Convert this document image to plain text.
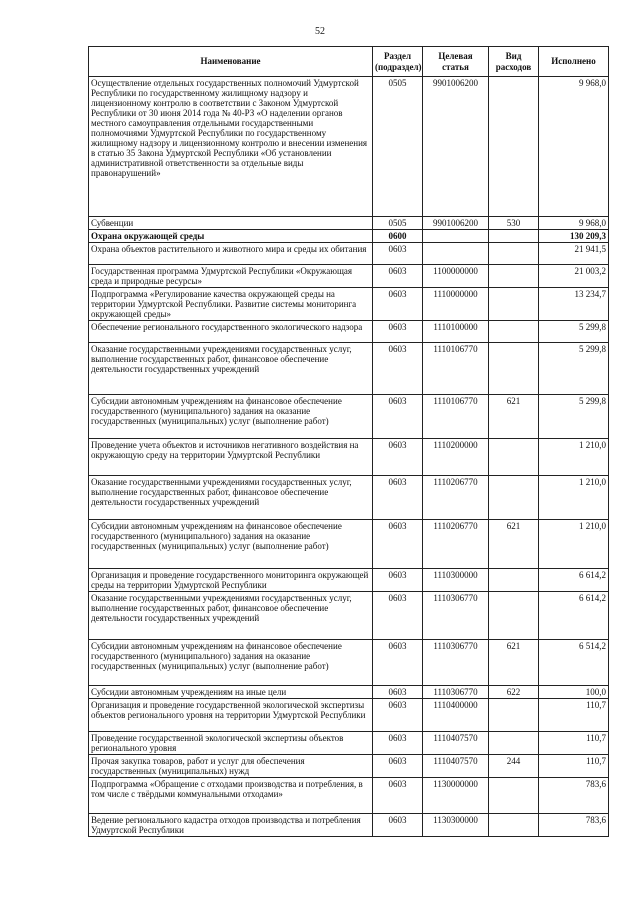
52
Наименование	Раздел (подраздел)	Целевая статья	Вид расходов	Исполнено
Осуществление отдельных государственных полномочий Удмуртской Республики по государственному жилищному надзору и лицензионному контролю в соответствии с Законом Удмуртской Республики от 30 июня 2014 года № 40-РЗ «О наделении органов местного самоуправления отдельными государственными полномочиями Удмуртской Республики по государственному жилищному надзору и лицензионному контролю и внесении изменения в статью 35 Закона Удмуртской Республики «Об установлении административной ответственности за отдельные виды правонарушений»	0505	9901006200		9 968,0
Субвенции	0505	9901006200	530	9 968,0
Охрана окружающей среды	0600			130 209,3
Охрана объектов растительного и животного мира и среды их обитания	0603			21 941,5
Государственная программа Удмуртской Республики «Окружающая среда и природные ресурсы»	0603	1100000000		21 003,2
Подпрограмма «Регулирование качества окружающей среды на территории Удмуртской Республики. Развитие системы мониторинга окружающей среды»	0603	1110000000		13 234,7
Обеспечение регионального государственного экологического надзора	0603	1110100000		5 299,8
Оказание государственными учреждениями государственных услуг, выполнение государственных работ, финансовое обеспечение деятельности государственных учреждений	0603	1110106770		5 299,8
Субсидии автономным учреждениям на финансовое обеспечение государственного (муниципального) задания на оказание государственных (муниципальных) услуг (выполнение работ)	0603	1110106770	621	5 299,8
Проведение учета объектов и источников негативного воздействия на окружающую среду на территории Удмуртской Республики	0603	1110200000		1 210,0
Оказание государственными учреждениями государственных услуг, выполнение государственных работ, финансовое обеспечение деятельности государственных учреждений	0603	1110206770		1 210,0
Субсидии автономным учреждениям на финансовое обеспечение государственного (муниципального) задания на оказание государственных (муниципальных) услуг (выполнение работ)	0603	1110206770	621	1 210,0
Организация и проведение государственного мониторинга окружающей среды на территории Удмуртской Республики	0603	1110300000		6 614,2
Оказание государственными учреждениями государственных услуг, выполнение государственных работ, финансовое обеспечение деятельности государственных учреждений	0603	1110306770		6 614,2
Субсидии автономным учреждениям на финансовое обеспечение государственного (муниципального) задания на оказание государственных (муниципальных) услуг (выполнение работ)	0603	1110306770	621	6 514,2
Субсидии автономным учреждениям на иные цели	0603	1110306770	622	100,0
Организация и проведение государственной экологической экспертизы объектов регионального уровня на территории Удмуртской Республики	0603	1110400000		110,7
Проведение государственной экологической экспертизы объектов регионального уровня	0603	1110407570		110,7
Прочая закупка товаров, работ и услуг для обеспечения государственных (муниципальных) нужд	0603	1110407570	244	110,7
Подпрограмма «Обращение с отходами производства и потребления, в том числе с твёрдыми коммунальными отходами»	0603	1130000000		783,6
Ведение регионального кадастра отходов производства и потребления Удмуртской Республики	0603	1130300000		783,6
